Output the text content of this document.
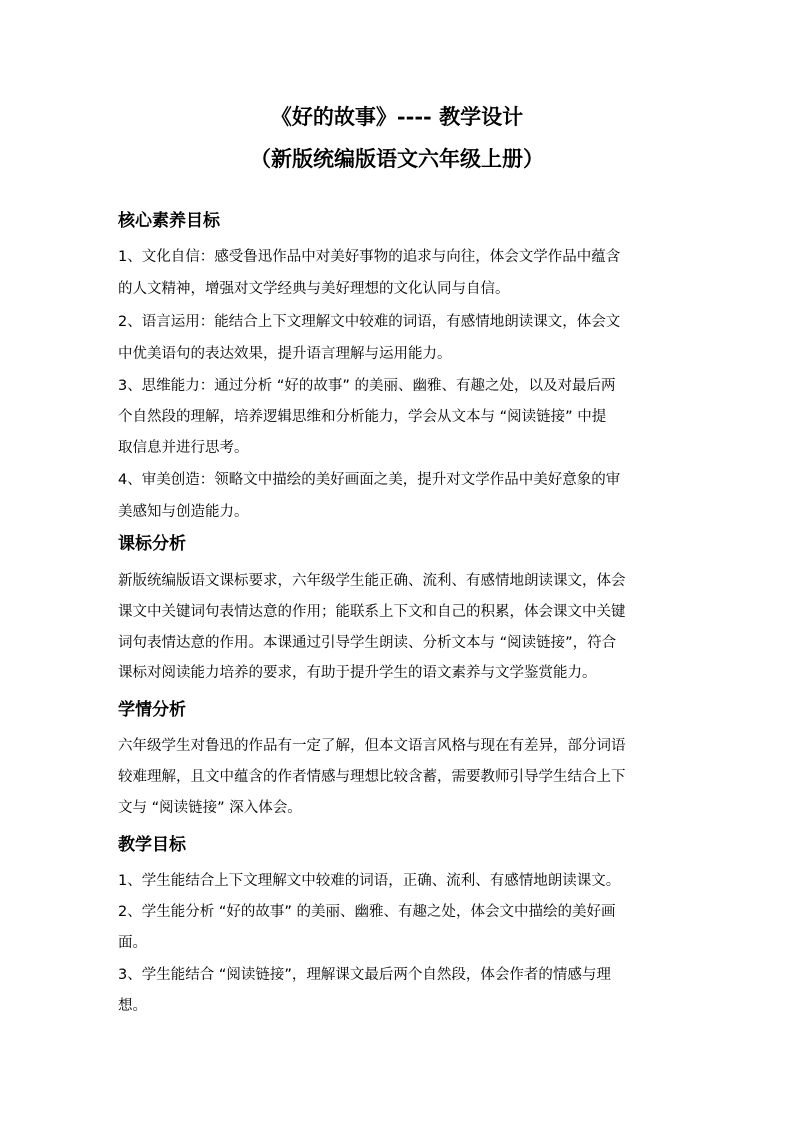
《好的故事》---- 教学设计
（新版统编版语文六年级上册）
核心素养目标
1、文化自信：感受鲁迅作品中对美好事物的追求与向往，体会文学作品中蕴含
的人文精神，增强对文学经典与美好理想的文化认同与自信。
2、语言运用：能结合上下文理解文中较难的词语，有感情地朗读课文，体会文
中优美语句的表达效果，提升语言理解与运用能力。
3、思维能力：通过分析 “好的故事” 的美丽、幽雅、有趣之处，以及对最后两
个自然段的理解，培养逻辑思维和分析能力，学会从文本与 “阅读链接” 中提
取信息并进行思考。
4、审美创造：领略文中描绘的美好画面之美，提升对文学作品中美好意象的审
美感知与创造能力。
课标分析
新版统编版语文课标要求，六年级学生能正确、流利、有感情地朗读课文，体会
课文中关键词句表情达意的作用；能联系上下文和自己的积累，体会课文中关键
词句表情达意的作用。本课通过引导学生朗读、分析文本与 “阅读链接”，符合
课标对阅读能力培养的要求，有助于提升学生的语文素养与文学鉴赏能力。
学情分析
六年级学生对鲁迅的作品有一定了解，但本文语言风格与现在有差异，部分词语
较难理解，且文中蕴含的作者情感与理想比较含蓄，需要教师引导学生结合上下
文与 “阅读链接” 深入体会。
教学目标
1、学生能结合上下文理解文中较难的词语，正确、流利、有感情地朗读课文。
2、学生能分析 “好的故事” 的美丽、幽雅、有趣之处，体会文中描绘的美好画
面。
3、学生能结合 “阅读链接”，理解课文最后两个自然段，体会作者的情感与理
想。
